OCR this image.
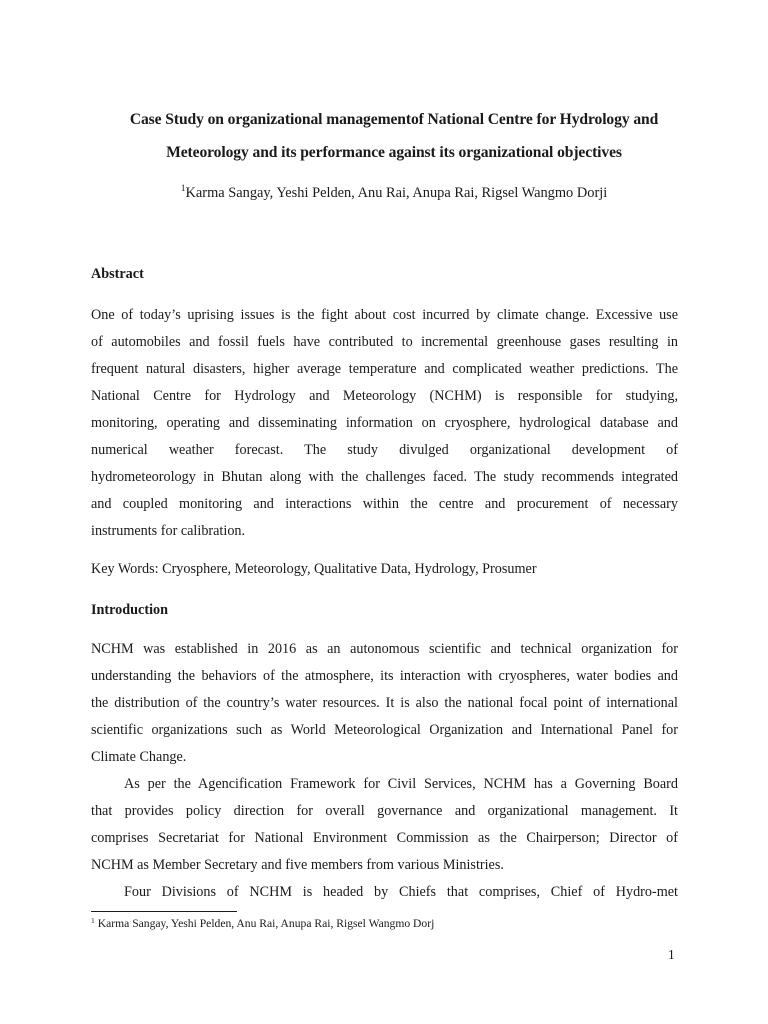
Case Study on organizational managementof National Centre for Hydrology and
Meteorology and its performance against its organizational objectives
$^1$Karma Sangay, Yeshi Pelden, Anu Rai, Anupa Rai, Rigsel Wangmo Dorji
Abstract
One of today’s uprising issues is the fight about cost incurred by climate change. Excessive use
of automobiles and fossil fuels have contributed to incremental greenhouse gases resulting in
frequent natural disasters, higher average temperature and complicated weather predictions. The
National Centre for Hydrology and Meteorology (NCHM) is responsible for studying,
monitoring, operating and disseminating information on cryosphere, hydrological database and
numerical weather forecast. The study divulged organizational development of
hydrometeorology in Bhutan along with the challenges faced. The study recommends integrated
and coupled monitoring and interactions within the centre and procurement of necessary
instruments for calibration.
Key Words: Cryosphere, Meteorology, Qualitative Data, Hydrology, Prosumer
Introduction
NCHM was established in 2016 as an autonomous scientific and technical organization for
understanding the behaviors of the atmosphere, its interaction with cryospheres, water bodies and
the distribution of the country’s water resources. It is also the national focal point of international
scientific organizations such as World Meteorological Organization and International Panel for
Climate Change.
As per the Agencification Framework for Civil Services, NCHM has a Governing Board
that provides policy direction for overall governance and organizational management. It
comprises Secretariat for National Environment Commission as the Chairperson; Director of
NCHM as Member Secretary and five members from various Ministries.
Four Divisions of NCHM is headed by Chiefs that comprises, Chief of Hydro-met
$^1$ Karma Sangay, Yeshi Pelden, Anu Rai, Anupa Rai, Rigsel Wangmo Dorj
1
